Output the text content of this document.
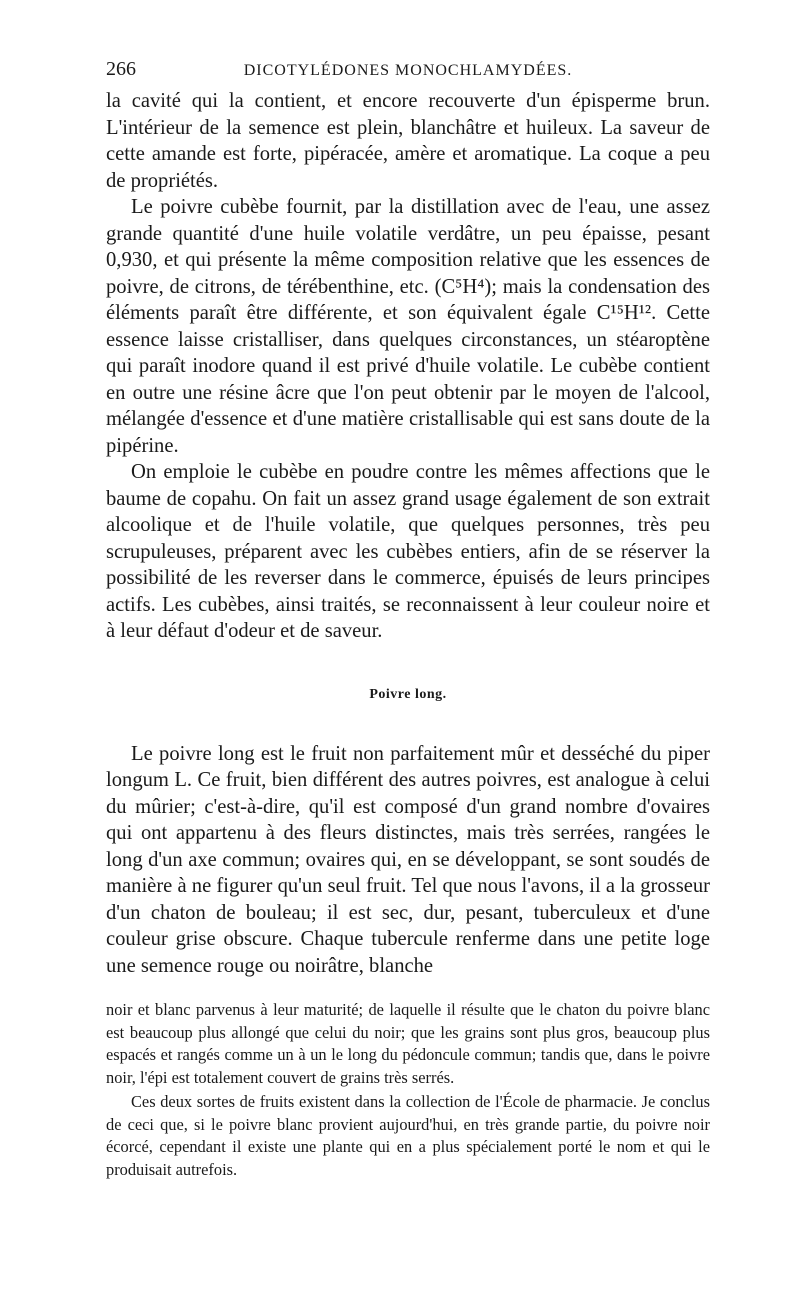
266	DICOTYLÉDONES MONOCHLAMYDÉES.

la cavité qui la contient, et encore recouverte d'un épisperme brun. L'intérieur de la semence est plein, blanchâtre et huileux. La saveur de cette amande est forte, pipéracée, amère et aromatique. La coque a peu de propriétés.

Le poivre cubèbe fournit, par la distillation avec de l'eau, une assez grande quantité d'une huile volatile verdâtre, un peu épaisse, pesant 0,930, et qui présente la même composition relative que les essences de poivre, de citrons, de térébenthine, etc. (C⁵H⁴); mais la condensation des éléments paraît être différente, et son équivalent égale C¹⁵H¹². Cette essence laisse cristalliser, dans quelques circonstances, un stéaroptène qui paraît inodore quand il est privé d'huile volatile. Le cubèbe contient en outre une résine âcre que l'on peut obtenir par le moyen de l'alcool, mélangée d'essence et d'une matière cristallisable qui est sans doute de la pipérine.

On emploie le cubèbe en poudre contre les mêmes affections que le baume de copahu. On fait un assez grand usage également de son extrait alcoolique et de l'huile volatile, que quelques personnes, très peu scrupuleuses, préparent avec les cubèbes entiers, afin de se réserver la possibilité de les reverser dans le commerce, épuisés de leurs principes actifs. Les cubèbes, ainsi traités, se reconnaissent à leur couleur noire et à leur défaut d'odeur et de saveur.

Poivre long.

Le poivre long est le fruit non parfaitement mûr et desséché du piper longum L. Ce fruit, bien différent des autres poivres, est analogue à celui du mûrier; c'est-à-dire, qu'il est composé d'un grand nombre d'ovaires qui ont appartenu à des fleurs distinctes, mais très serrées, rangées le long d'un axe commun; ovaires qui, en se développant, se sont soudés de manière à ne figurer qu'un seul fruit. Tel que nous l'avons, il a la grosseur d'un chaton de bouleau; il est sec, dur, pesant, tuberculeux et d'une couleur grise obscure. Chaque tubercule renferme dans une petite loge une semence rouge ou noirâtre, blanche

noir et blanc parvenus à leur maturité; de laquelle il résulte que le chaton du poivre blanc est beaucoup plus allongé que celui du noir; que les grains sont plus gros, beaucoup plus espacés et rangés comme un à un le long du pédoncule commun; tandis que, dans le poivre noir, l'épi est totalement couvert de grains très serrés.

Ces deux sortes de fruits existent dans la collection de l'École de pharmacie. Je conclus de ceci que, si le poivre blanc provient aujourd'hui, en très grande partie, du poivre noir écorcé, cependant il existe une plante qui en a plus spécialement porté le nom et qui le produisait autrefois.
